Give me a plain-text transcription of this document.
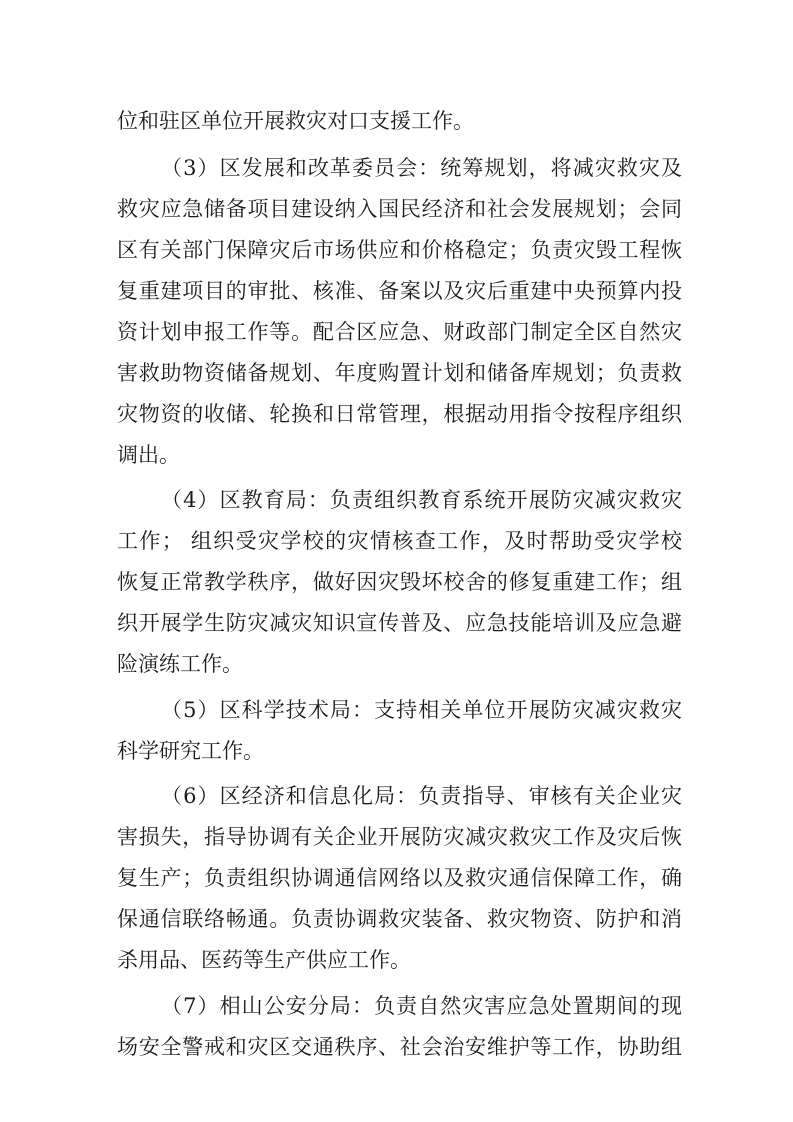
位和驻区单位开展救灾对口支援工作。
（3）区发展和改革委员会：统筹规划，将减灾救灾及
救灾应急储备项目建设纳入国民经济和社会发展规划；会同
区有关部门保障灾后市场供应和价格稳定；负责灾毁工程恢
复重建项目的审批、核准、备案以及灾后重建中央预算内投
资计划申报工作等。配合区应急、财政部门制定全区自然灾
害救助物资储备规划、年度购置计划和储备库规划；负责救
灾物资的收储、轮换和日常管理，根据动用指令按程序组织
调出。
（4）区教育局：负责组织教育系统开展防灾减灾救灾
工作； 组织受灾学校的灾情核查工作，及时帮助受灾学校
恢复正常教学秩序，做好因灾毁坏校舍的修复重建工作；组
织开展学生防灾减灾知识宣传普及、应急技能培训及应急避
险演练工作。
（5）区科学技术局：支持相关单位开展防灾减灾救灾
科学研究工作。
（6）区经济和信息化局：负责指导、审核有关企业灾
害损失，指导协调有关企业开展防灾减灾救灾工作及灾后恢
复生产；负责组织协调通信网络以及救灾通信保障工作，确
保通信联络畅通。负责协调救灾装备、救灾物资、防护和消
杀用品、医药等生产供应工作。
（7）相山公安分局：负责自然灾害应急处置期间的现
场安全警戒和灾区交通秩序、社会治安维护等工作，协助组
